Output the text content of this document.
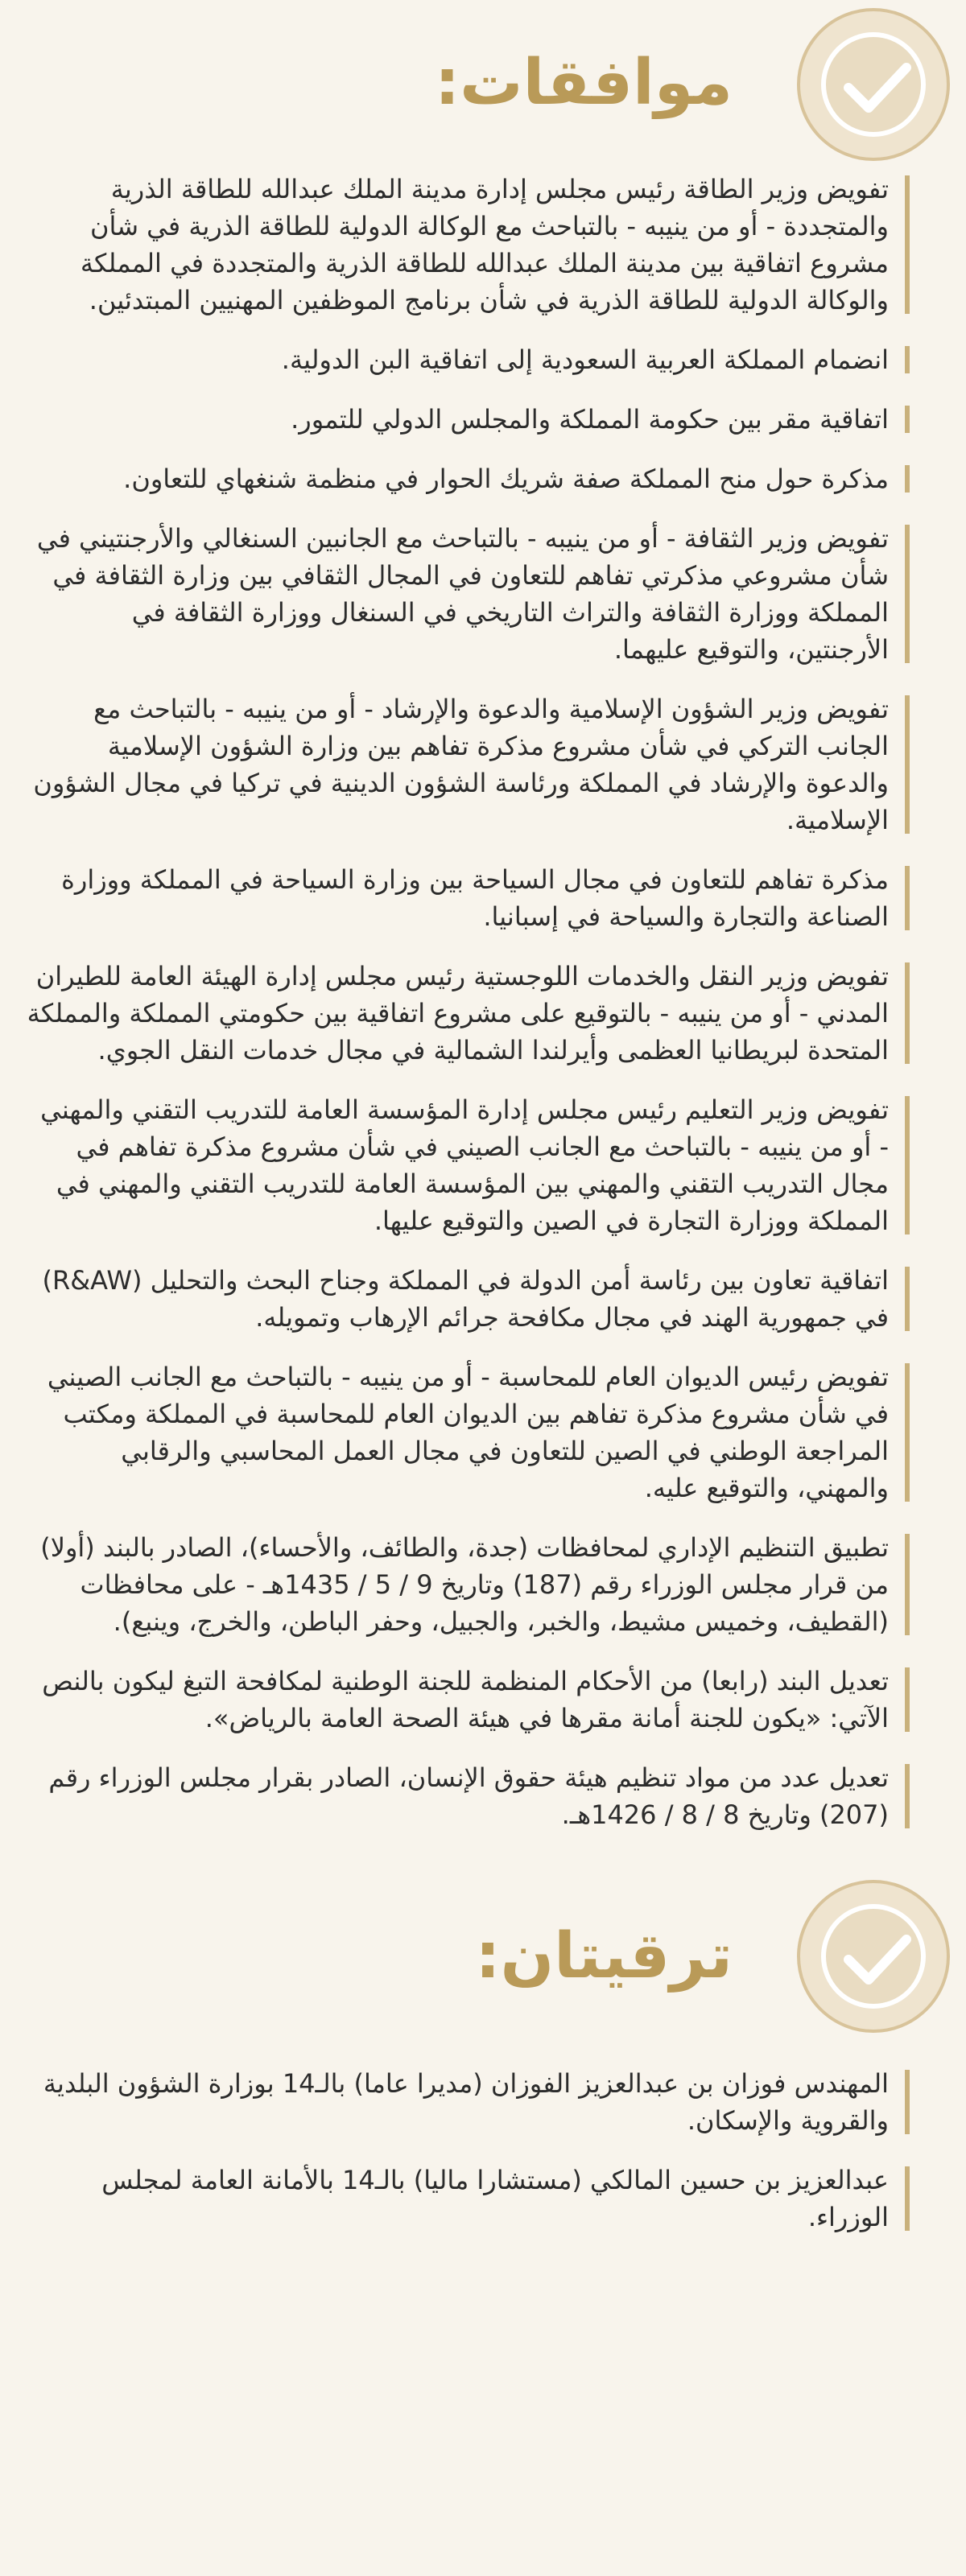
موافقات:
تفويض وزير الطاقة رئيس مجلس إدارة مدينة الملك عبدالله للطاقة الذرية والمتجددة - أو من ينيبه - بالتباحث مع الوكالة الدولية للطاقة الذرية في شأن مشروع اتفاقية بين مدينة الملك عبدالله للطاقة الذرية والمتجددة في المملكة والوكالة الدولية للطاقة الذرية في شأن برنامج الموظفين المهنيين المبتدئين.
انضمام المملكة العربية السعودية إلى اتفاقية البن الدولية.
اتفاقية مقر بين حكومة المملكة والمجلس الدولي للتمور.
مذكرة حول منح المملكة صفة شريك الحوار في منظمة شنغهاي للتعاون.
تفويض وزير الثقافة - أو من ينيبه - بالتباحث مع الجانبين السنغالي والأرجنتيني في شأن مشروعي مذكرتي تفاهم للتعاون في المجال الثقافي بين وزارة الثقافة في المملكة ووزارة الثقافة والتراث التاريخي في السنغال ووزارة الثقافة في الأرجنتين، والتوقيع عليهما.
تفويض وزير الشؤون الإسلامية والدعوة والإرشاد - أو من ينيبه - بالتباحث مع الجانب التركي في شأن مشروع مذكرة تفاهم بين وزارة الشؤون الإسلامية والدعوة والإرشاد في المملكة ورئاسة الشؤون الدينية في تركيا في مجال الشؤون الإسلامية.
مذكرة تفاهم للتعاون في مجال السياحة بين وزارة السياحة في المملكة ووزارة الصناعة والتجارة والسياحة في إسبانيا.
تفويض وزير النقل والخدمات اللوجستية رئيس مجلس إدارة الهيئة العامة للطيران المدني - أو من ينيبه - بالتوقيع على مشروع اتفاقية بين حكومتي المملكة والمملكة المتحدة لبريطانيا العظمى وأيرلندا الشمالية في مجال خدمات النقل الجوي.
تفويض وزير التعليم رئيس مجلس إدارة المؤسسة العامة للتدريب التقني والمهني - أو من ينيبه - بالتباحث مع الجانب الصيني في شأن مشروع مذكرة تفاهم في مجال التدريب التقني والمهني بين المؤسسة العامة للتدريب التقني والمهني في المملكة ووزارة التجارة في الصين والتوقيع عليها.
اتفاقية تعاون بين رئاسة أمن الدولة في المملكة وجناح البحث والتحليل (R&AW) في جمهورية الهند في مجال مكافحة جرائم الإرهاب وتمويله.
تفويض رئيس الديوان العام للمحاسبة - أو من ينيبه - بالتباحث مع الجانب الصيني في شأن مشروع مذكرة تفاهم بين الديوان العام للمحاسبة في المملكة ومكتب المراجعة الوطني في الصين للتعاون في مجال العمل المحاسبي والرقابي والمهني، والتوقيع عليه.
تطبيق التنظيم الإداري لمحافظات (جدة، والطائف، والأحساء)، الصادر بالبند (أولا) من قرار مجلس الوزراء رقم (187) وتاريخ 9 / 5 / 1435هـ - على محافظات (القطيف، وخميس مشيط، والخبر، والجبيل، وحفر الباطن، والخرج، وينبع).
تعديل البند (رابعا) من الأحكام المنظمة للجنة الوطنية لمكافحة التبغ ليكون بالنص الآتي: «يكون للجنة أمانة مقرها في هيئة الصحة العامة بالرياض».
تعديل عدد من مواد تنظيم هيئة حقوق الإنسان، الصادر بقرار مجلس الوزراء رقم (207) وتاريخ 8 / 8 / 1426هـ.
ترقيتان:
المهندس فوزان بن عبدالعزيز الفوزان (مديرا عاما) بالـ14 بوزارة الشؤون البلدية والقروية والإسكان.
عبدالعزيز بن حسين المالكي (مستشارا ماليا) بالـ14 بالأمانة العامة لمجلس الوزراء.
